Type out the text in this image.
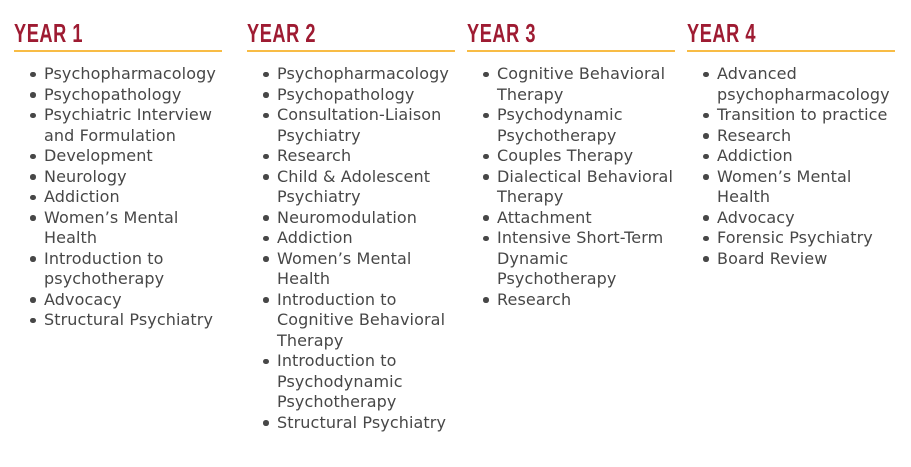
YEAR 1
Psychopharmacology
Psychopathology
Psychiatric Interview and Formulation
Development
Neurology
Addiction
Women’s Mental Health
Introduction to psychotherapy
Advocacy
Structural Psychiatry
YEAR 2
Psychopharmacology
Psychopathology
Consultation-Liaison Psychiatry
Research
Child & Adolescent Psychiatry
Neuromodulation
Addiction
Women’s Mental Health
Introduction to Cognitive Behavioral Therapy
Introduction to Psychodynamic Psychotherapy
Structural Psychiatry
YEAR 3
Cognitive Behavioral Therapy
Psychodynamic Psychotherapy
Couples Therapy
Dialectical Behavioral Therapy
Attachment
Intensive Short-Term Dynamic Psychotherapy
Research
YEAR 4
Advanced psychopharmacology
Transition to practice
Research
Addiction
Women’s Mental Health
Advocacy
Forensic Psychiatry
Board Review
